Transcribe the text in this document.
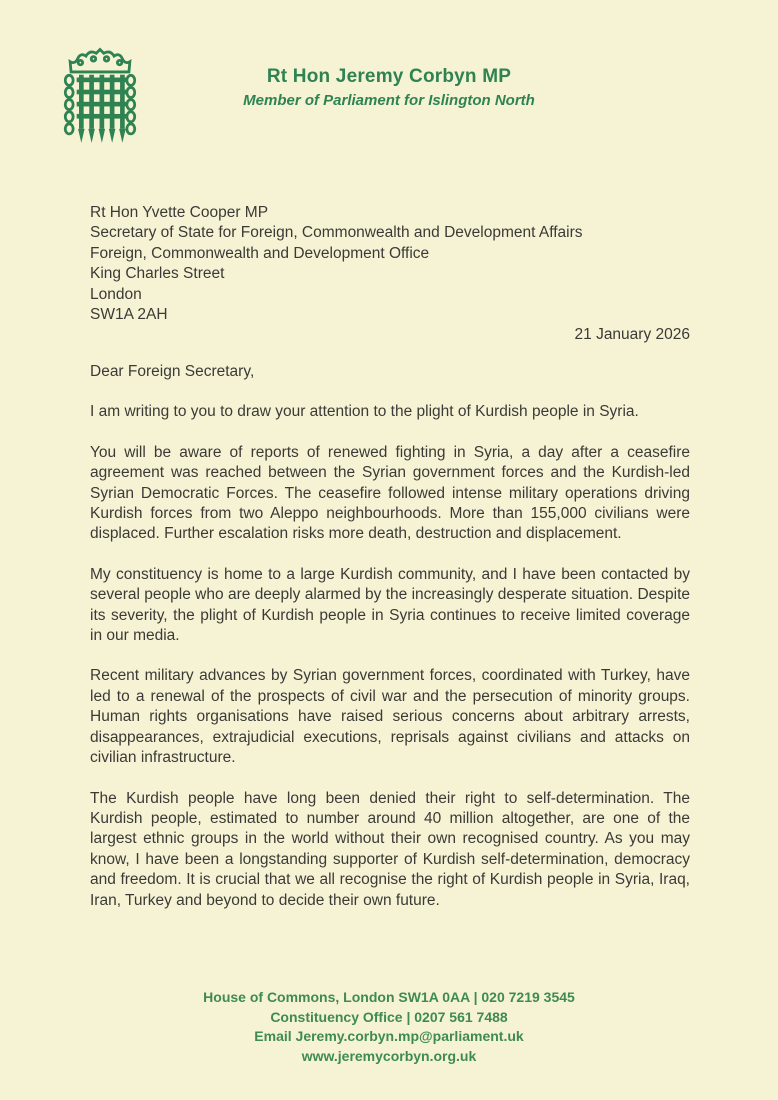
Rt Hon Jeremy Corbyn MP
Member of Parliament for Islington North
Rt Hon Yvette Cooper MP
Secretary of State for Foreign, Commonwealth and Development Affairs
Foreign, Commonwealth and Development Office
King Charles Street
London
SW1A 2AH
21 January 2026

Dear Foreign Secretary,

I am writing to you to draw your attention to the plight of Kurdish people in Syria.

You will be aware of reports of renewed fighting in Syria, a day after a ceasefire agreement was reached between the Syrian government forces and the Kurdish-led Syrian Democratic Forces. The ceasefire followed intense military operations driving Kurdish forces from two Aleppo neighbourhoods. More than 155,000 civilians were displaced. Further escalation risks more death, destruction and displacement.

My constituency is home to a large Kurdish community, and I have been contacted by several people who are deeply alarmed by the increasingly desperate situation. Despite its severity, the plight of Kurdish people in Syria continues to receive limited coverage in our media.

Recent military advances by Syrian government forces, coordinated with Turkey, have led to a renewal of the prospects of civil war and the persecution of minority groups. Human rights organisations have raised serious concerns about arbitrary arrests, disappearances, extrajudicial executions, reprisals against civilians and attacks on civilian infrastructure.

The Kurdish people have long been denied their right to self-determination. The Kurdish people, estimated to number around 40 million altogether, are one of the largest ethnic groups in the world without their own recognised country. As you may know, I have been a longstanding supporter of Kurdish self-determination, democracy and freedom. It is crucial that we all recognise the right of Kurdish people in Syria, Iraq, Iran, Turkey and beyond to decide their own future.

House of Commons, London SW1A 0AA | 020 7219 3545
Constituency Office | 0207 561 7488
Email Jeremy.corbyn.mp@parliament.uk
www.jeremycorbyn.org.uk
